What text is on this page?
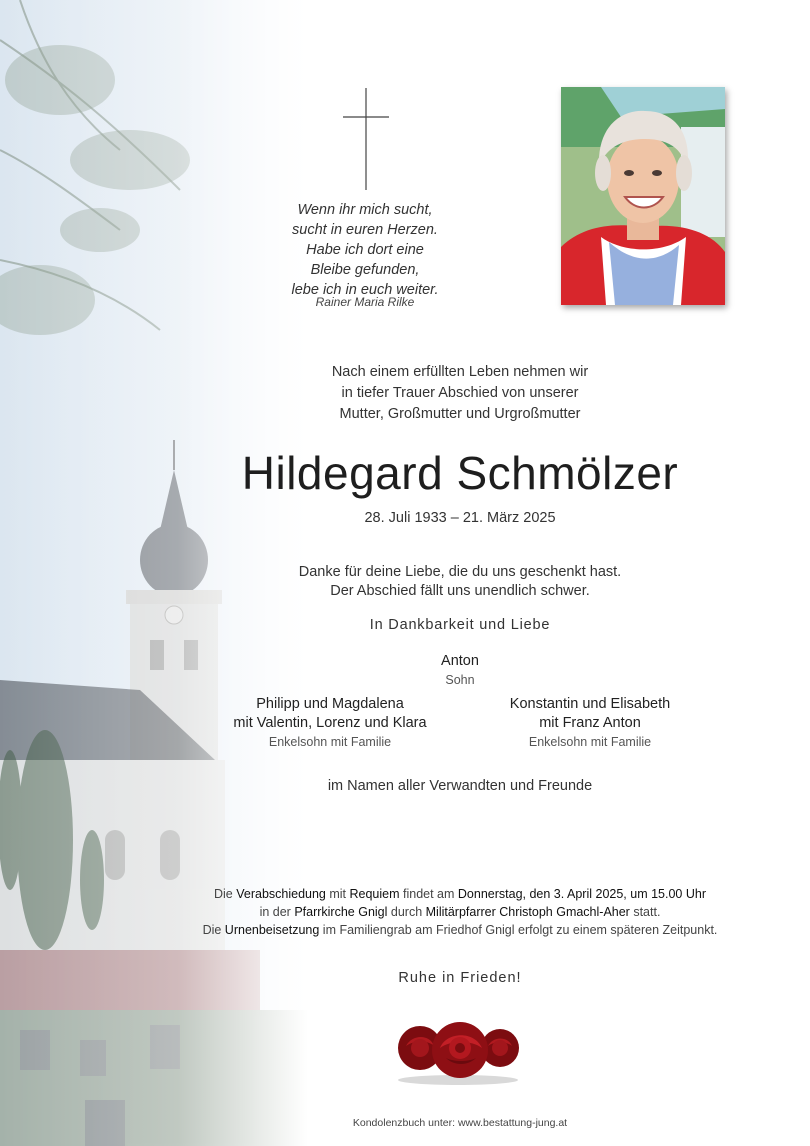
Wenn ihr mich sucht,
sucht in euren Herzen.
Habe ich dort eine
Bleibe gefunden,
lebe ich in euch weiter.
Rainer Maria Rilke
Nach einem erfüllten Leben nehmen wir
in tiefer Trauer Abschied von unserer
Mutter, Großmutter und Urgroßmutter
Hildegard Schmölzer
28. Juli 1933 – 21. März 2025
Danke für deine Liebe, die du uns geschenkt hast.
Der Abschied fällt uns unendlich schwer.
In Dankbarkeit und Liebe
Anton
Sohn
Philipp und Magdalena
mit Valentin, Lorenz und Klara
Enkelsohn mit Familie
Konstantin und Elisabeth
mit Franz Anton
Enkelsohn mit Familie
im Namen aller Verwandten und Freunde
Die Verabschiedung mit Requiem findet am Donnerstag, den 3. April 2025, um 15.00 Uhr
in der Pfarrkirche Gnigl durch Militärpfarrer Christoph Gmachl-Aher statt.
Die Urnenbeisetzung im Familiengrab am Friedhof Gnigl erfolgt zu einem späteren Zeitpunkt.
Ruhe in Frieden!
Kondolenzbuch unter: www.bestattung-jung.at
